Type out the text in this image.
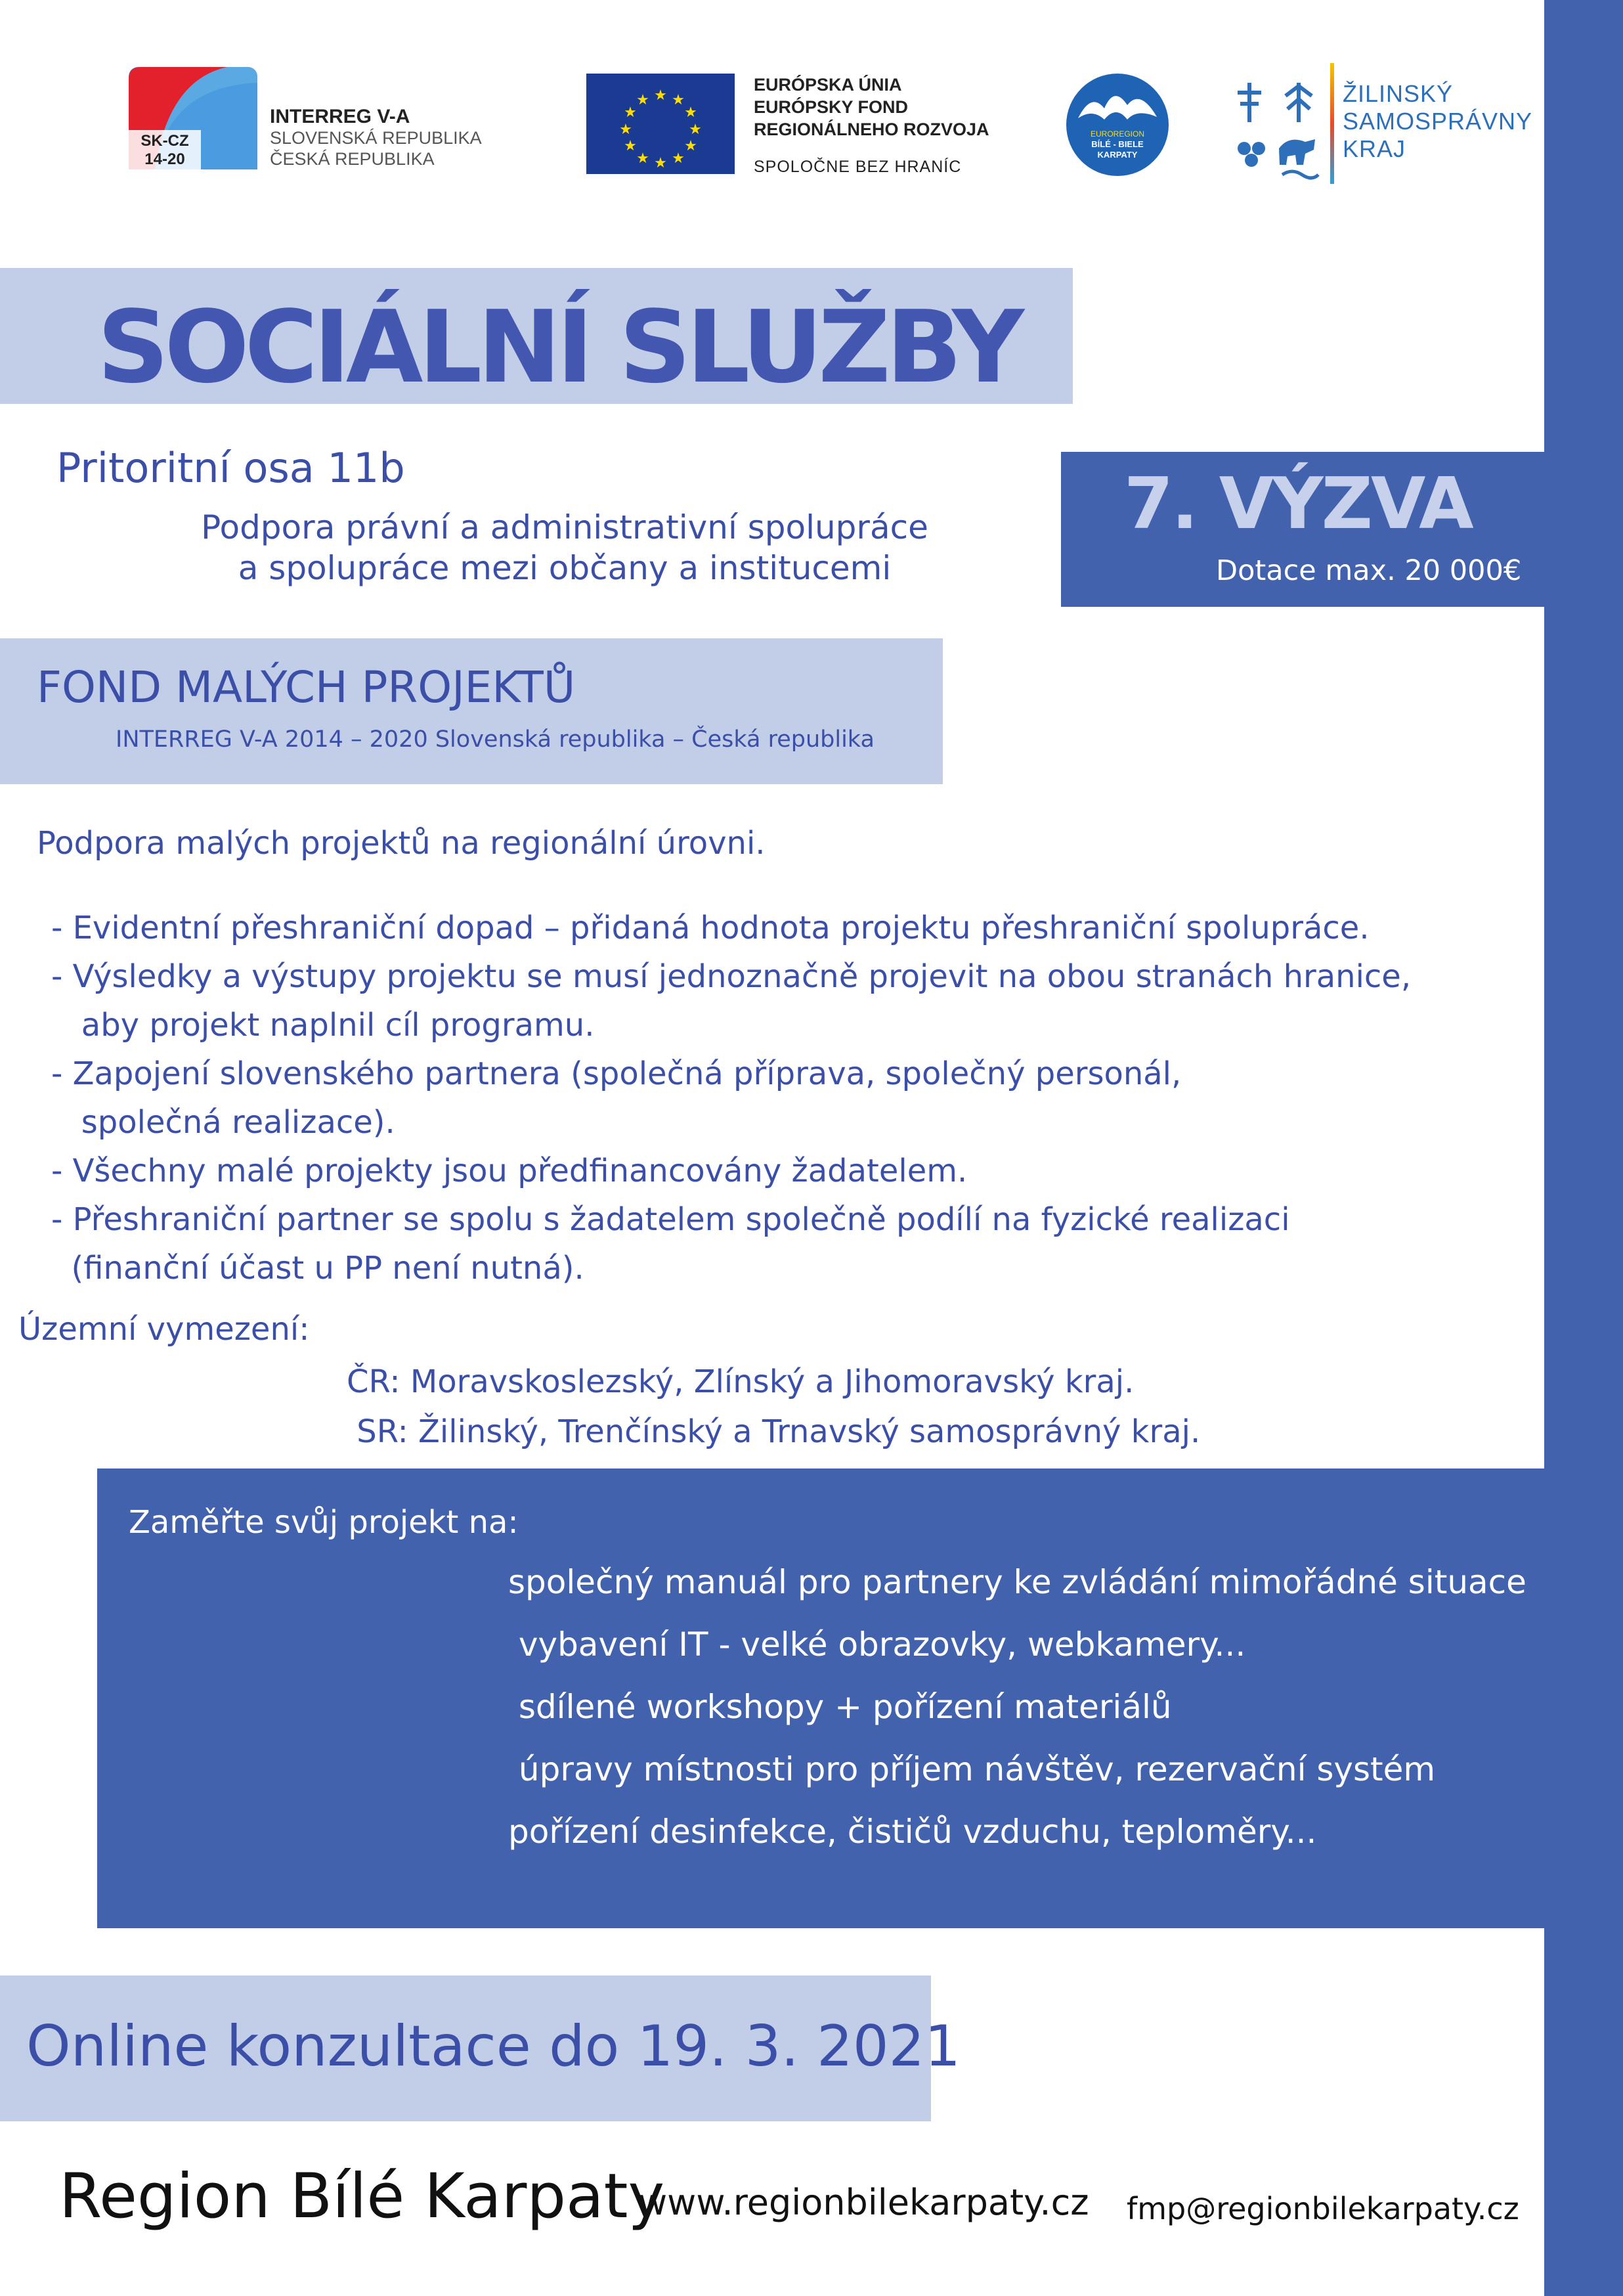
SK-CZ
14-20
INTERREG V-A
SLOVENSKÁ REPUBLIKA
ČESKÁ REPUBLIKA
★ ★
★
★
★
★
★
★
★
★
★
★
EURÓPSKA ÚNIA
EURÓPSKY FOND
REGIONÁLNEHO ROZVOJA
SPOLOČNE BEZ HRANÍC
EUROREGION
BÍLÉ - BIELE
KARPATY
ŽILINSKÝ
SAMOSPRÁVNY
KRAJ
SOCIÁLNÍ SLUŽBY
Pritoritní osa 11b
Podpora právní a administrativní spolupráce
a spolupráce mezi občany a institucemi
7. VÝZVA
Dotace max. 20 000€
FOND MALÝCH PROJEKTŮ
INTERREG V-A 2014 – 2020 Slovenská republika – Česká republika
Podpora malých projektů na regionální úrovni.
- Evidentní přeshraniční dopad – přidaná hodnota projektu přeshraniční spolupráce.
- Výsledky a výstupy projektu se musí jednoznačně projevit na obou stranách hranice,
aby projekt naplnil cíl programu.
- Zapojení slovenského partnera (společná příprava, společný personál,
společná realizace).
- Všechny malé projekty jsou předfinancovány žadatelem.
- Přeshraniční partner se spolu s žadatelem společně podílí na fyzické realizaci
(finanční účast u PP není nutná).
Územní vymezení:
ČR: Moravskoslezský, Zlínský a Jihomoravský kraj.
SR: Žilinský, Trenčínský a Trnavský samosprávný kraj.
Zaměřte svůj projekt na:
společný manuál pro partnery ke zvládání mimořádné situace
vybavení IT - velké obrazovky, webkamery...
sdílené workshopy + pořízení materiálů
úpravy místnosti pro příjem návštěv, rezervační systém
pořízení desinfekce, čističů vzduchu, teploměry...
Online konzultace do 19. 3. 2021
Region Bílé Karpaty
www.regionbilekarpaty.cz fmp@regionbilekarpaty.cz
